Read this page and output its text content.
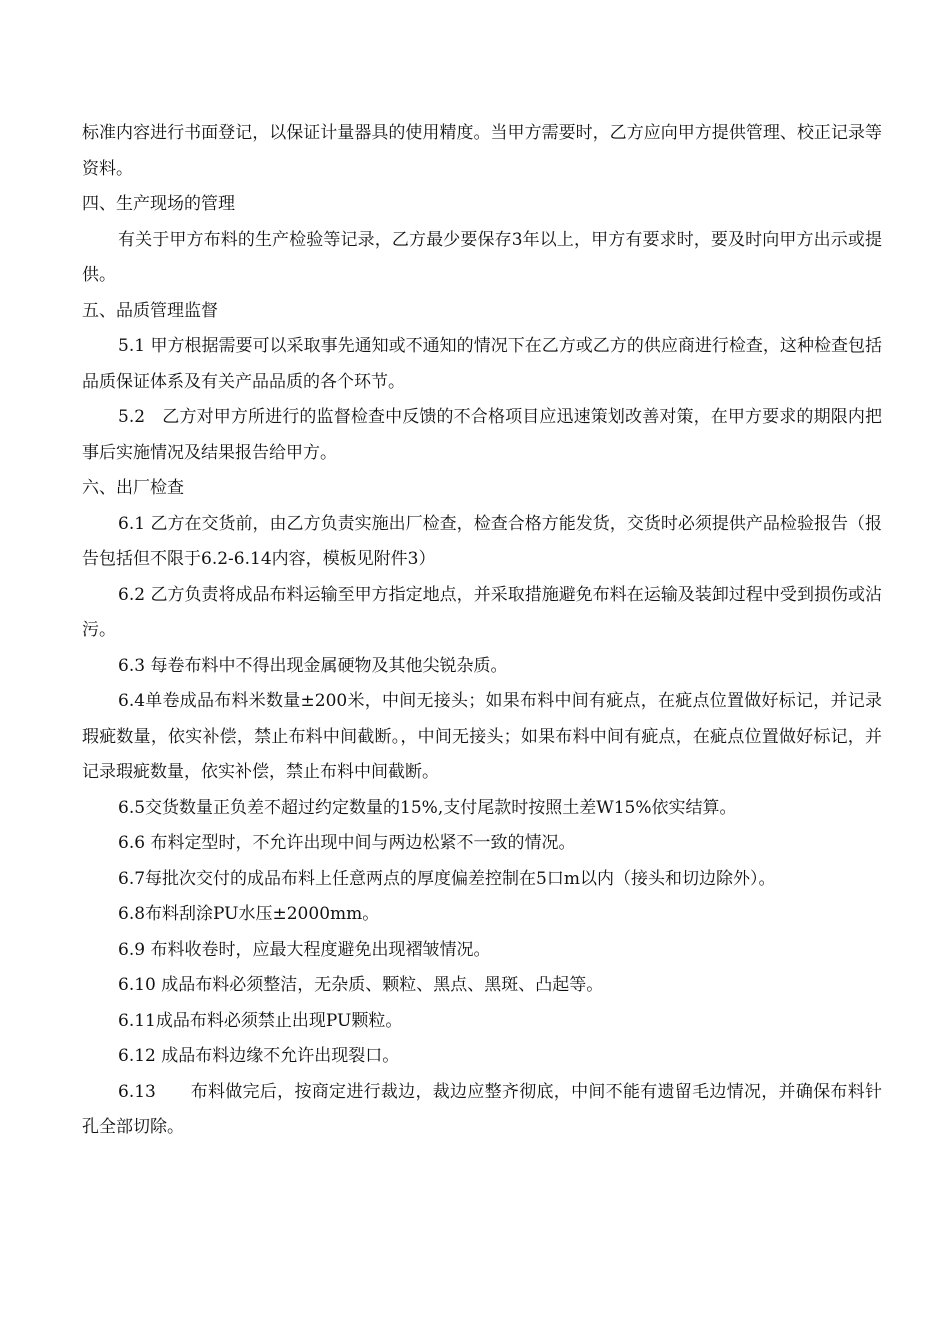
标准内容进行书面登记，以保证计量器具的使用精度。当甲方需要时，乙方应向甲方提供管理、校正记录等资料。

四、生产现场的管理

有关于甲方布料的生产检验等记录，乙方最少要保存3年以上，甲方有要求时，要及时向甲方出示或提供。

五、品质管理监督

5.1 甲方根据需要可以采取事先通知或不通知的情况下在乙方或乙方的供应商进行检查，这种检查包括品质保证体系及有关产品品质的各个环节。

5.2　乙方对甲方所进行的监督检查中反馈的不合格项目应迅速策划改善对策，在甲方要求的期限内把事后实施情况及结果报告给甲方。

六、出厂检查

6.1 乙方在交货前，由乙方负责实施出厂检查，检查合格方能发货，交货时必须提供产品检验报告（报告包括但不限于6.2-6.14内容，模板见附件3）

6.2 乙方负责将成品布料运输至甲方指定地点，并采取措施避免布料在运输及装卸过程中受到损伤或沾污。

6.3 每卷布料中不得出现金属硬物及其他尖锐杂质。

6.4单卷成品布料米数量±200米，中间无接头；如果布料中间有疵点，在疵点位置做好标记，并记录瑕疵数量，依实补偿，禁止布料中间截断。，中间无接头；如果布料中间有疵点，在疵点位置做好标记，并记录瑕疵数量，依实补偿，禁止布料中间截断。

6.5交货数量正负差不超过约定数量的15%,支付尾款时按照土差W15%依实结算。

6.6 布料定型时，不允许出现中间与两边松紧不一致的情况。

6.7每批次交付的成品布料上任意两点的厚度偏差控制在5口m以内（接头和切边除外）。

6.8布料刮涂PU水压±2000mm。

6.9 布料收卷时，应最大程度避免出现褶皱情况。

6.10 成品布料必须整洁，无杂质、颗粒、黑点、黑斑、凸起等。

6.11成品布料必须禁止出现PU颗粒。

6.12 成品布料边缘不允许出现裂口。

6.13　　布料做完后，按商定进行裁边，裁边应整齐彻底，中间不能有遗留毛边情况，并确保布料针孔全部切除。
